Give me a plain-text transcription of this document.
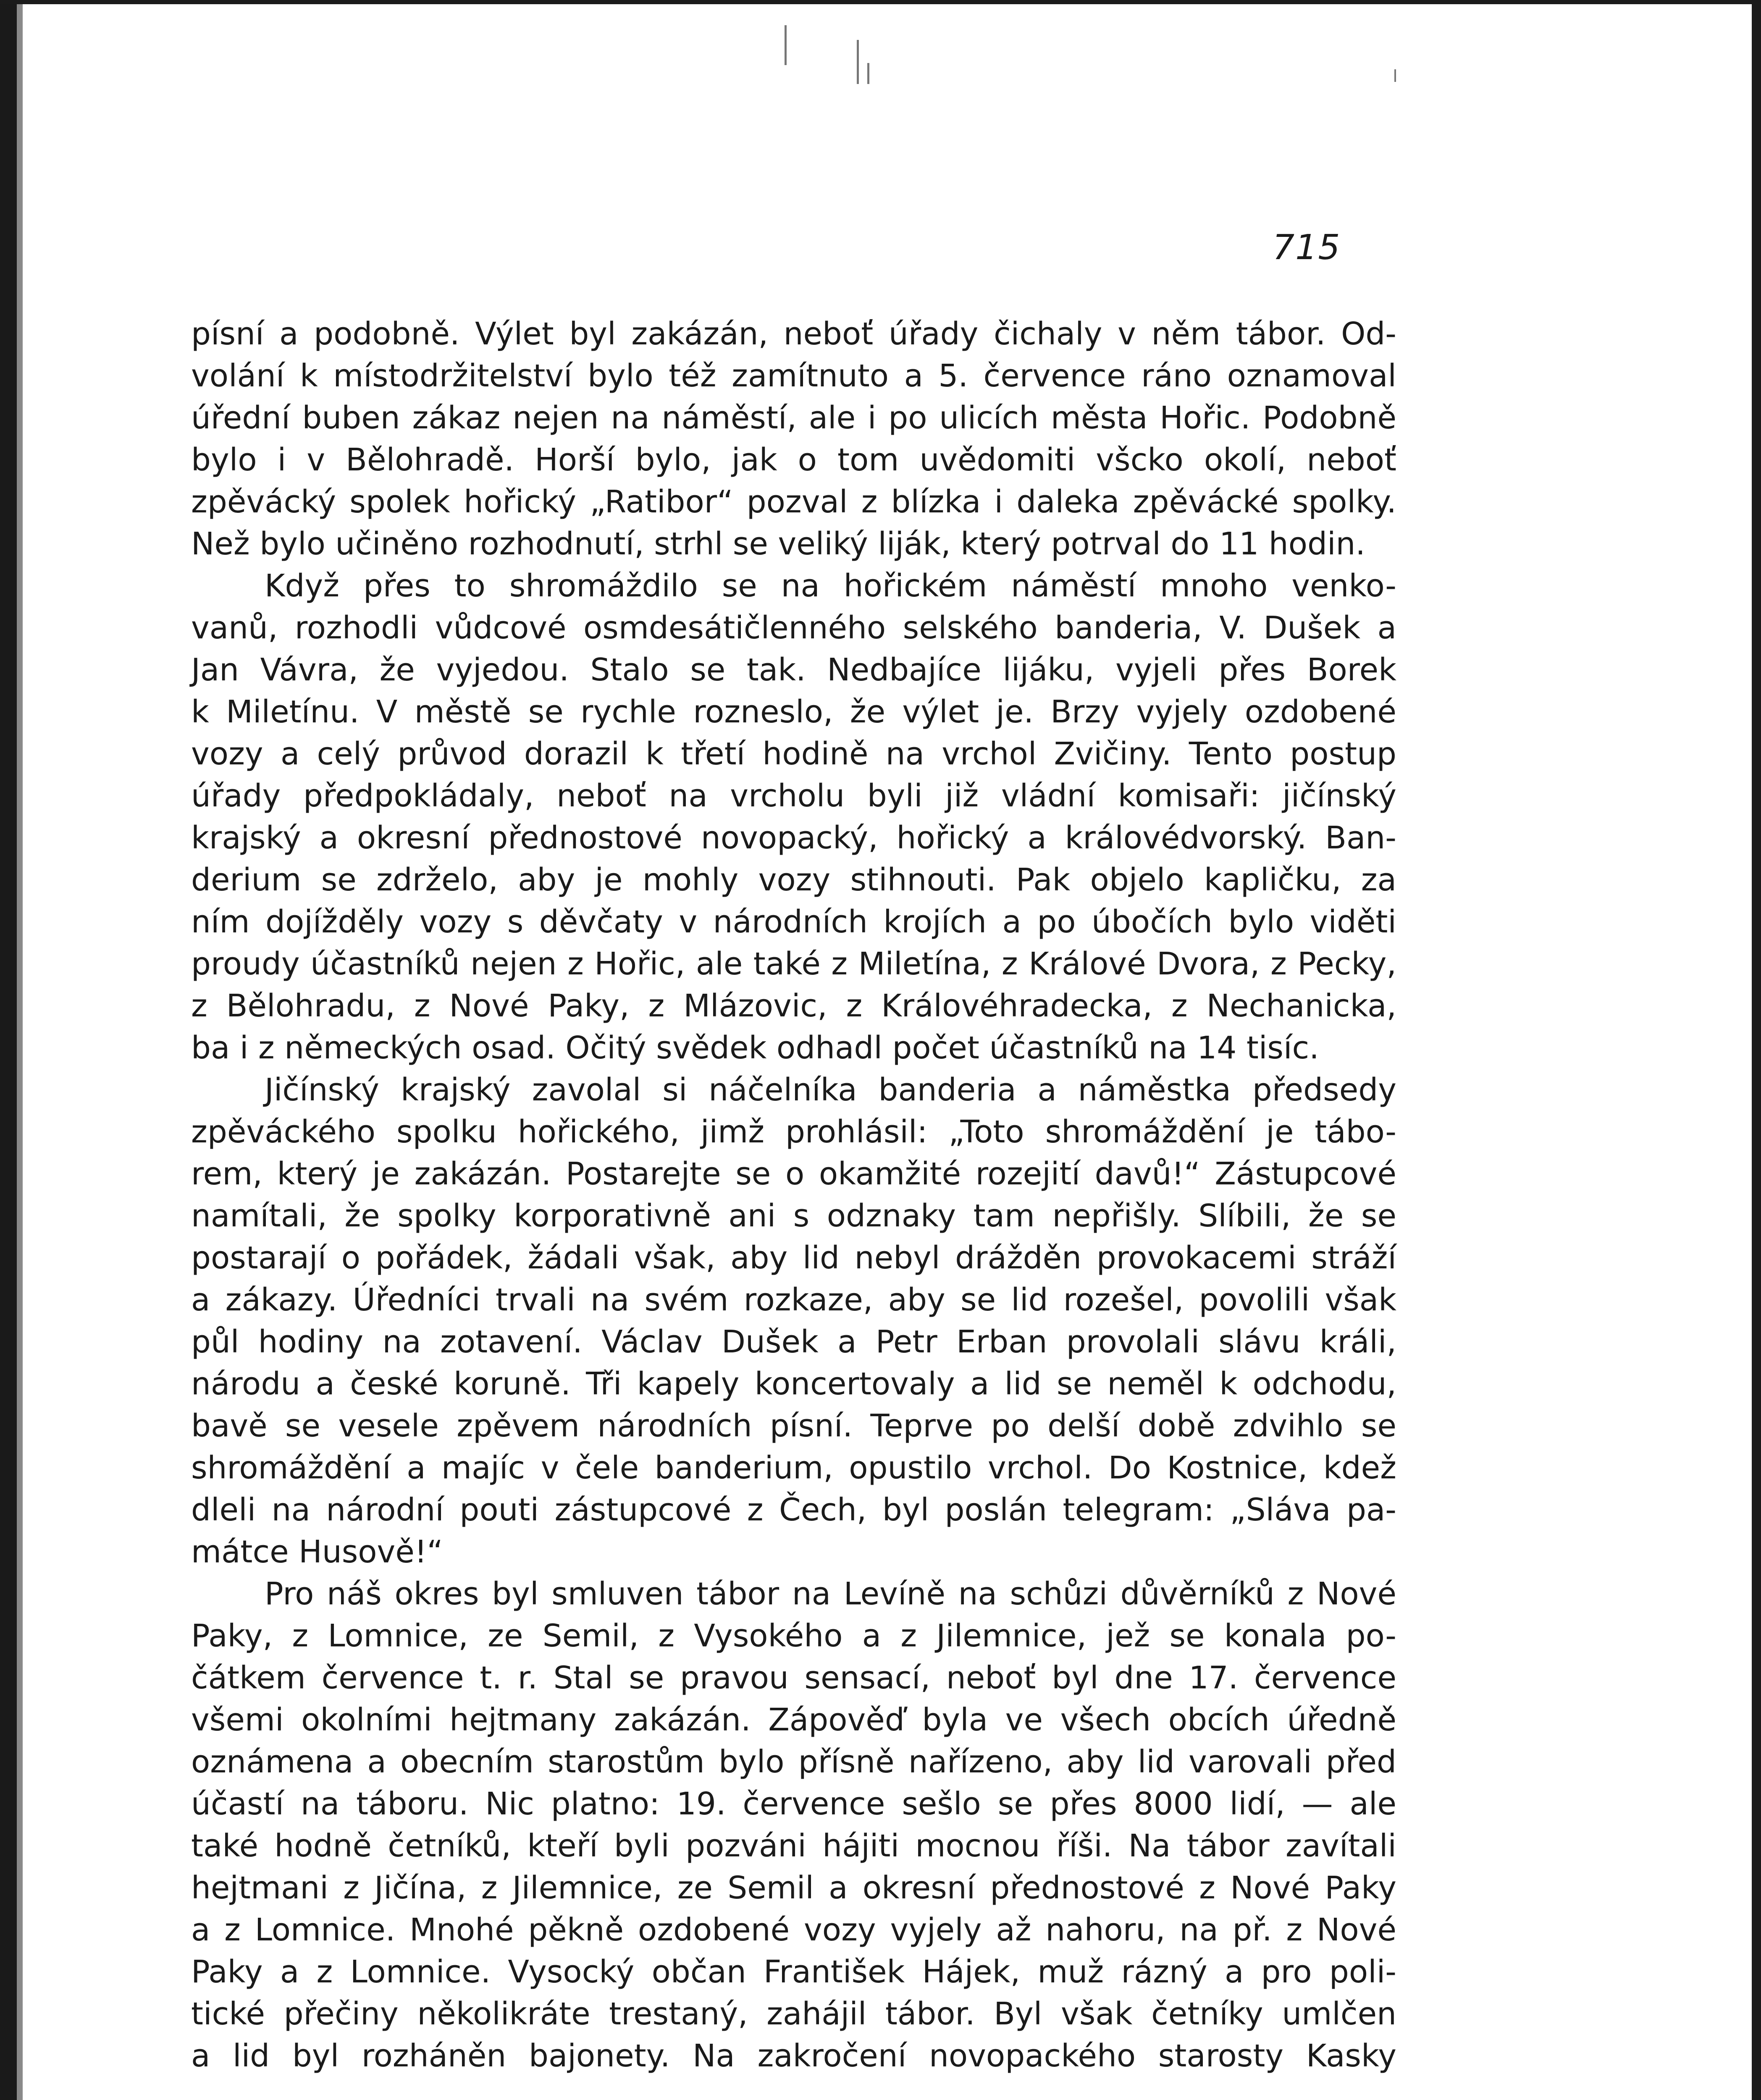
715
písní a podobně. Výlet byl zakázán, neboť úřady čichaly v něm tábor. Od-
volání k místodržitelství bylo též zamítnuto a 5. července ráno oznamoval
úřední buben zákaz nejen na náměstí, ale i po ulicích města Hořic. Podobně
bylo i v Bělohradě. Horší bylo, jak o tom uvědomiti všcko okolí, neboť
zpěvácký spolek hořický „Ratibor“ pozval z blízka i daleka zpěvácké spolky.
Než bylo učiněno rozhodnutí, strhl se veliký liják, který potrval do 11 hodin.
Když přes to shromáždilo se na hořickém náměstí mnoho venko-
vanů, rozhodli vůdcové osmdesátičlenného selského banderia, V. Dušek a
Jan Vávra, že vyjedou. Stalo se tak. Nedbajíce lijáku, vyjeli přes Borek
k Miletínu. V městě se rychle rozneslo, že výlet je. Brzy vyjely ozdobené
vozy a celý průvod dorazil k třetí hodině na vrchol Zvičiny. Tento postup
úřady předpokládaly, neboť na vrcholu byli již vládní komisaři: jičínský
krajský a okresní přednostové novopacký, hořický a královédvorský. Ban-
derium se zdrželo, aby je mohly vozy stihnouti. Pak objelo kapličku, za
ním dojížděly vozy s děvčaty v národních krojích a po úbočích bylo viděti
proudy účastníků nejen z Hořic, ale také z Miletína, z Králové Dvora, z Pecky,
z Bělohradu, z Nové Paky, z Mlázovic, z Královéhradecka, z Nechanicka,
ba i z německých osad. Očitý svědek odhadl počet účastníků na 14 tisíc.
Jičínský krajský zavolal si náčelníka banderia a náměstka předsedy
zpěváckého spolku hořického, jimž prohlásil: „Toto shromáždění je tábo-
rem, který je zakázán. Postarejte se o okamžité rozejití davů!“ Zástupcové
namítali, že spolky korporativně ani s odznaky tam nepřišly. Slíbili, že se
postarají o pořádek, žádali však, aby lid nebyl drážděn provokacemi stráží
a zákazy. Úředníci trvali na svém rozkaze, aby se lid rozešel, povolili však
půl hodiny na zotavení. Václav Dušek a Petr Erban provolali slávu králi,
národu a české koruně. Tři kapely koncertovaly a lid se neměl k odchodu,
bavě se vesele zpěvem národních písní. Teprve po delší době zdvihlo se
shromáždění a majíc v čele banderium, opustilo vrchol. Do Kostnice, kdež
dleli na národní pouti zástupcové z Čech, byl poslán telegram: „Sláva pa-
mátce Husově!“
Pro náš okres byl smluven tábor na Levíně na schůzi důvěrníků z Nové
Paky, z Lomnice, ze Semil, z Vysokého a z Jilemnice, jež se konala po-
čátkem července t. r. Stal se pravou sensací, neboť byl dne 17. července
všemi okolními hejtmany zakázán. Zápověď byla ve všech obcích úředně
oznámena a obecním starostům bylo přísně nařízeno, aby lid varovali před
účastí na táboru. Nic platno: 19. července sešlo se přes 8000 lidí, — ale
také hodně četníků, kteří byli pozváni hájiti mocnou říši. Na tábor zavítali
hejtmani z Jičína, z Jilemnice, ze Semil a okresní přednostové z Nové Paky
a z Lomnice. Mnohé pěkně ozdobené vozy vyjely až nahoru, na př. z Nové
Paky a z Lomnice. Vysocký občan František Hájek, muž rázný a pro poli-
tické přečiny několikráte trestaný, zahájil tábor. Byl však četníky umlčen
a lid byl rozháněn bajonety. Na zakročení novopackého starosty Kasky
